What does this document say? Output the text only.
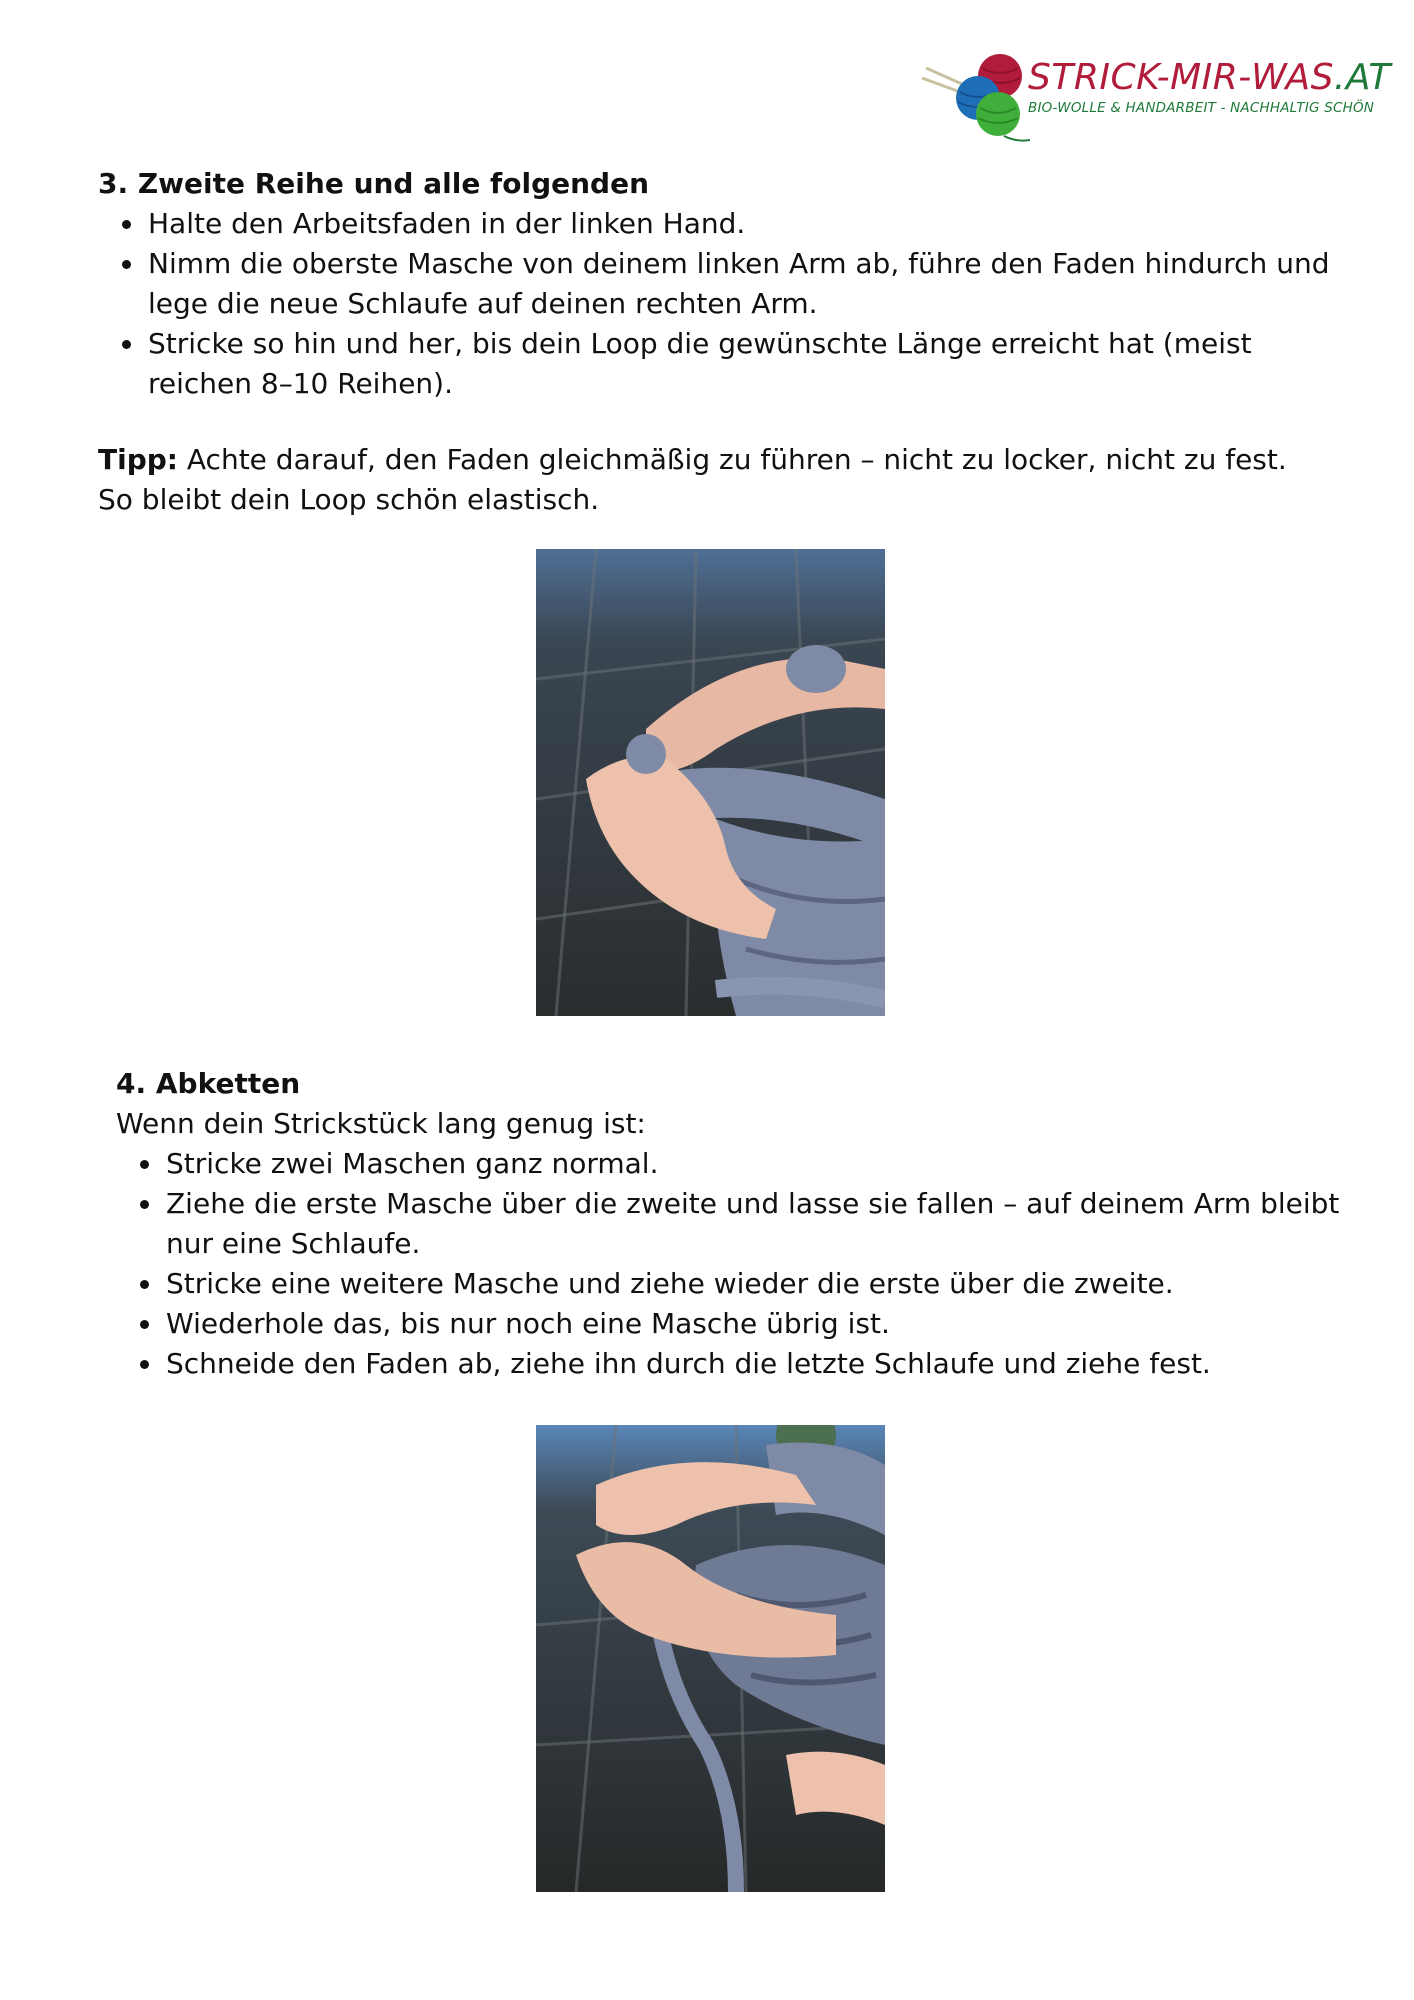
STRICK-MIR-WAS.AT
BIO-WOLLE & HANDARBEIT - NACHHALTIG SCHÖN
3. Zweite Reihe und alle folgenden
• Halte den Arbeitsfaden in der linken Hand.
• Nimm die oberste Masche von deinem linken Arm ab, führe den Faden hindurch und lege die neue Schlaufe auf deinen rechten Arm.
• Stricke so hin und her, bis dein Loop die gewünschte Länge erreicht hat (meist reichen 8–10 Reihen).

Tipp: Achte darauf, den Faden gleichmäßig zu führen – nicht zu locker, nicht zu fest. So bleibt dein Loop schön elastisch.

4. Abketten

Wenn dein Strickstück lang genug ist:

• Stricke zwei Maschen ganz normal.
• Ziehe die erste Masche über die zweite und lasse sie fallen – auf deinem Arm bleibt nur eine Schlaufe.
• Stricke eine weitere Masche und ziehe wieder die erste über die zweite.
• Wiederhole das, bis nur noch eine Masche übrig ist.
• Schneide den Faden ab, ziehe ihn durch die letzte Schlaufe und ziehe fest.
